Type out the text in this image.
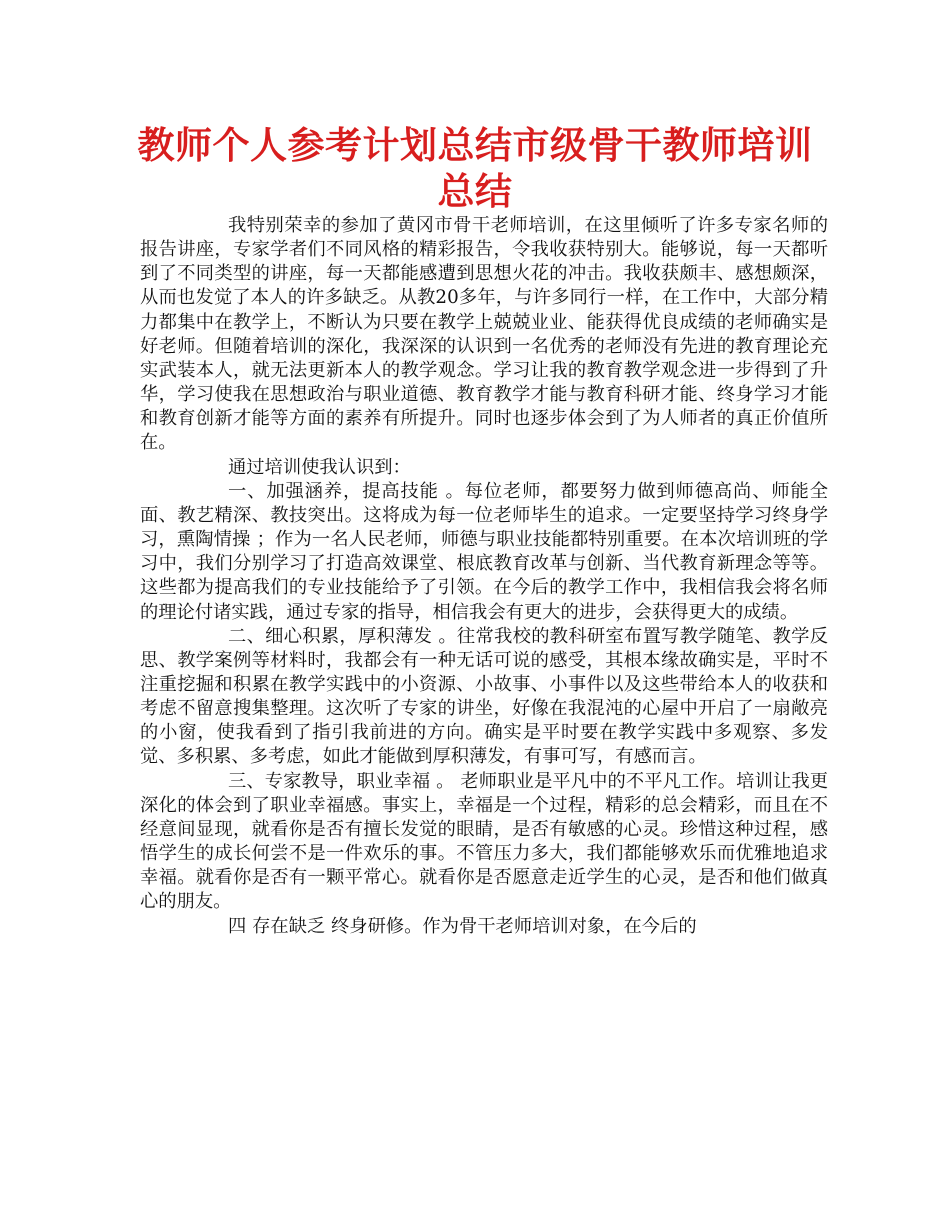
教师个人参考计划总结市级骨干教师培训总结

我特别荣幸的参加了黄冈市骨干老师培训，在这里倾听了许多专家名师的报告讲座，专家学者们不同风格的精彩报告，令我收获特别大。能够说，每一天都听到了不同类型的讲座，每一天都能感遭到思想火花的冲击。我收获颇丰、感想颇深，从而也发觉了本人的许多缺乏。从教20多年，与许多同行一样，在工作中，大部分精力都集中在教学上，不断认为只要在教学上兢兢业业、能获得优良成绩的老师确实是好老师。但随着培训的深化，我深深的认识到一名优秀的老师没有先进的教育理论充实武装本人，就无法更新本人的教学观念。学习让我的教育教学观念进一步得到了升华，学习使我在思想政治与职业道德、教育教学才能与教育科研才能、终身学习才能和教育创新才能等方面的素养有所提升。同时也逐步体会到了为人师者的真正价值所在。

通过培训使我认识到：

一、加强涵养，提高技能 。每位老师，都要努力做到师德高尚、师能全面、教艺精深、教技突出。这将成为每一位老师毕生的追求。一定要坚持学习终身学习，熏陶情操 ；作为一名人民老师，师德与职业技能都特别重要。在本次培训班的学习中，我们分别学习了打造高效课堂、根底教育改革与创新、当代教育新理念等等。这些都为提高我们的专业技能给予了引领。在今后的教学工作中，我相信我会将名师的理论付诸实践，通过专家的指导，相信我会有更大的进步，会获得更大的成绩。

二、细心积累，厚积薄发 。往常我校的教科研室布置写教学随笔、教学反思、教学案例等材料时，我都会有一种无话可说的感受，其根本缘故确实是，平时不注重挖掘和积累在教学实践中的小资源、小故事、小事件以及这些带给本人的收获和考虑不留意搜集整理。这次听了专家的讲坐，好像在我混沌的心屋中开启了一扇敞亮的小窗，使我看到了指引我前进的方向。确实是平时要在教学实践中多观察、多发觉、多积累、多考虑，如此才能做到厚积薄发，有事可写，有感而言。

三、专家教导，职业幸福 。 老师职业是平凡中的不平凡工作。培训让我更深化的体会到了职业幸福感。事实上，幸福是一个过程，精彩的总会精彩，而且在不经意间显现，就看你是否有擅长发觉的眼睛，是否有敏感的心灵。珍惜这种过程，感悟学生的成长何尝不是一件欢乐的事。不管压力多大，我们都能够欢乐而优雅地追求幸福。就看你是否有一颗平常心。就看你是否愿意走近学生的心灵，是否和他们做真心的朋友。

四 存在缺乏 终身研修。作为骨干老师培训对象，在今后的
